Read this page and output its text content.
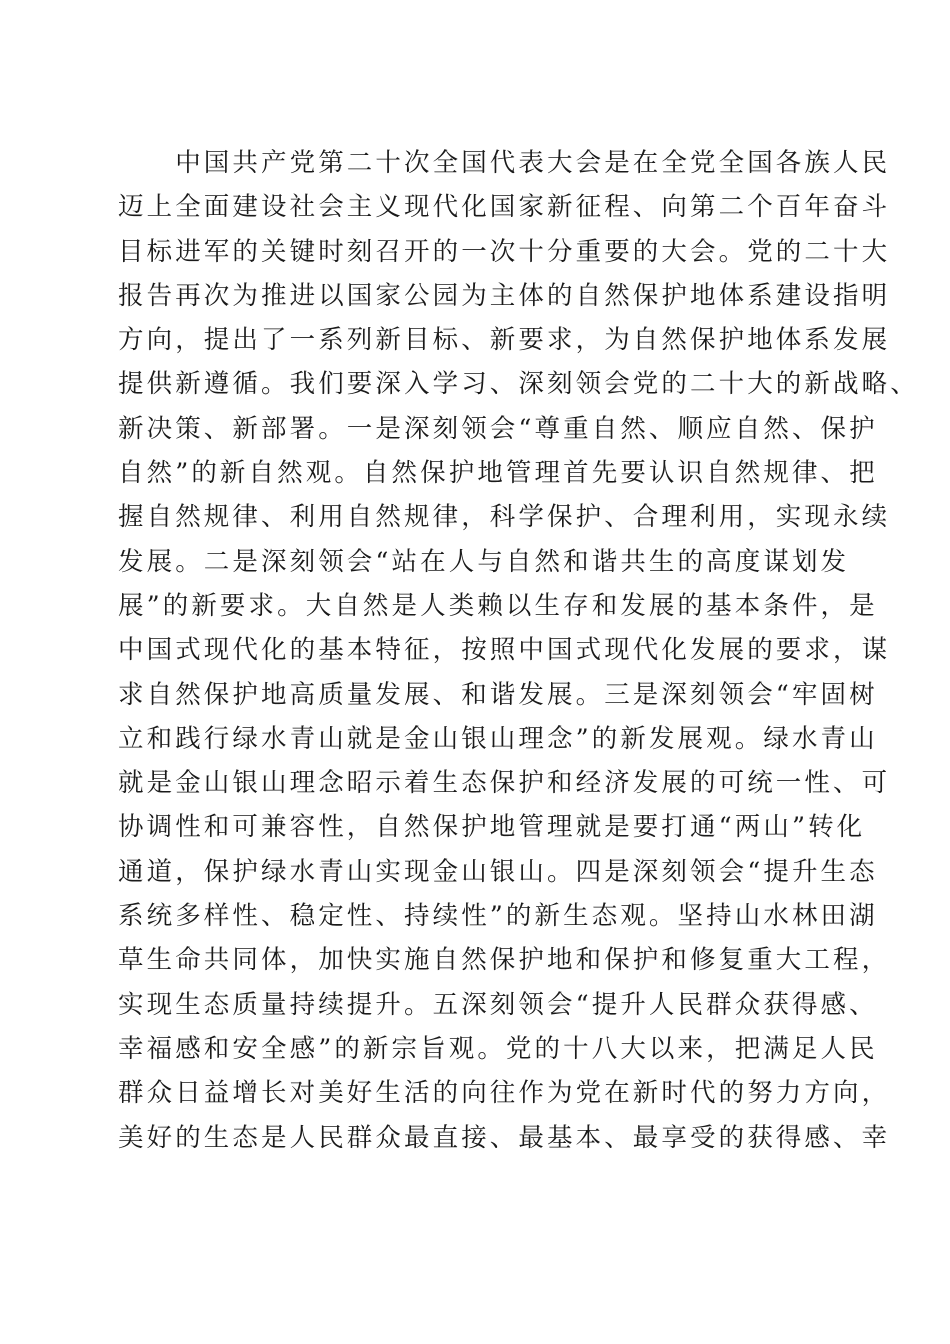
　　中国共产党第二十次全国代表大会是在全党全国各族人民
迈上全面建设社会主义现代化国家新征程、向第二个百年奋斗
目标进军的关键时刻召开的一次十分重要的大会。党的二十大
报告再次为推进以国家公园为主体的自然保护地体系建设指明
方向，提出了一系列新目标、新要求，为自然保护地体系发展
提供新遵循。我们要深入学习、深刻领会党的二十大的新战略、
新决策、新部署。一是深刻领会“尊重自然、顺应自然、保护
自然”的新自然观。自然保护地管理首先要认识自然规律、把
握自然规律、利用自然规律，科学保护、合理利用，实现永续
发展。二是深刻领会“站在人与自然和谐共生的高度谋划发
展”的新要求。大自然是人类赖以生存和发展的基本条件，是
中国式现代化的基本特征，按照中国式现代化发展的要求，谋
求自然保护地高质量发展、和谐发展。三是深刻领会“牢固树
立和践行绿水青山就是金山银山理念”的新发展观。绿水青山
就是金山银山理念昭示着生态保护和经济发展的可统一性、可
协调性和可兼容性，自然保护地管理就是要打通“两山”转化
通道，保护绿水青山实现金山银山。四是深刻领会“提升生态
系统多样性、稳定性、持续性”的新生态观。坚持山水林田湖
草生命共同体，加快实施自然保护地和保护和修复重大工程，
实现生态质量持续提升。五深刻领会“提升人民群众获得感、
幸福感和安全感”的新宗旨观。党的十八大以来，把满足人民
群众日益增长对美好生活的向往作为党在新时代的努力方向，
美好的生态是人民群众最直接、最基本、最享受的获得感、幸
